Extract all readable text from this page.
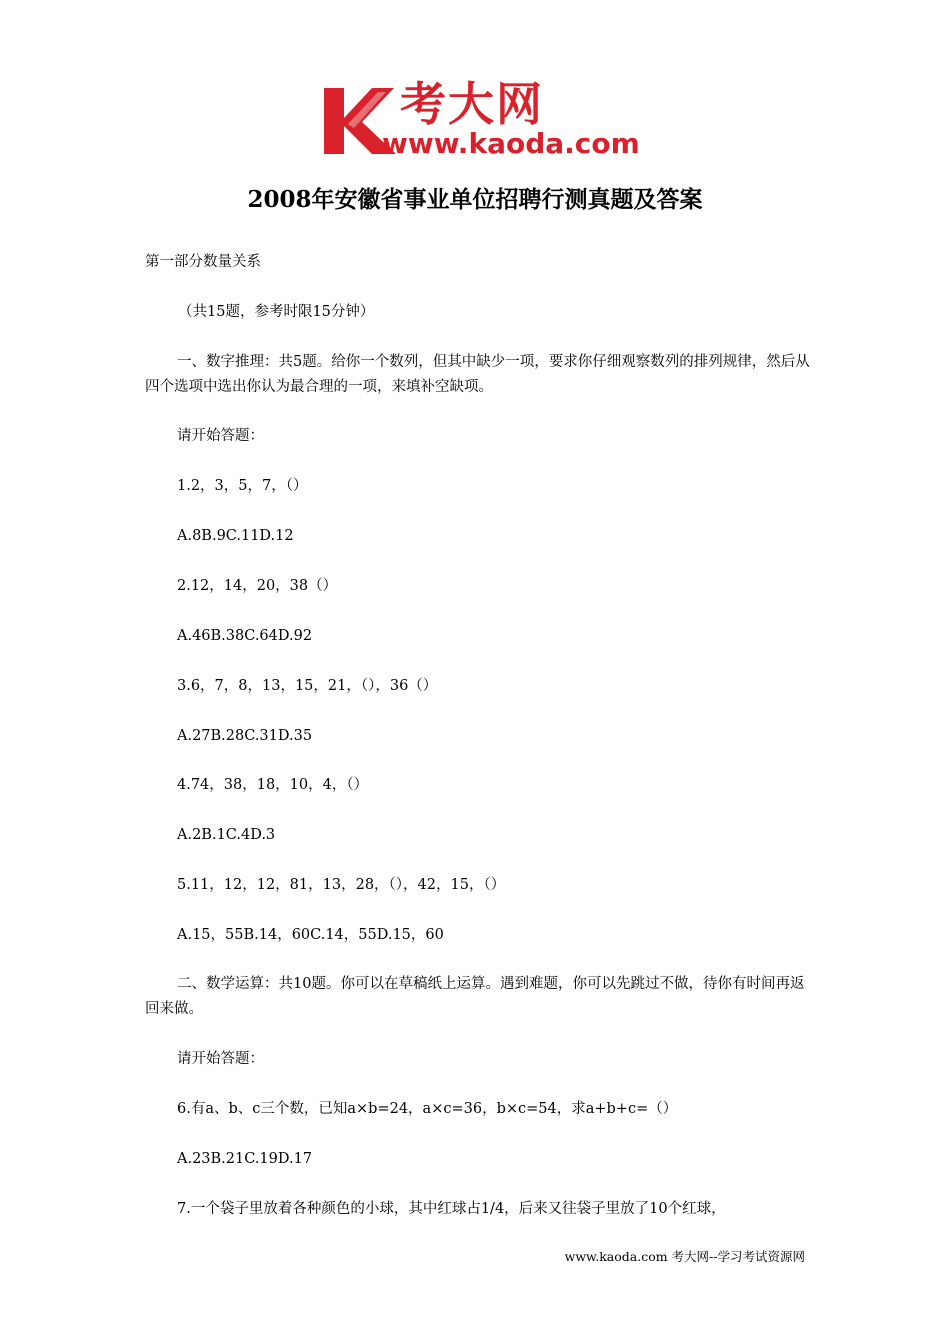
考大网
www.kaoda.com
2008年安徽省事业单位招聘行测真题及答案
第一部分数量关系
（共15题，参考时限15分钟）
一、数字推理：共5题。给你一个数列，但其中缺少一项，要求你仔细观察数列的排列规律，然后从四个选项中选出你认为最合理的一项，来填补空缺项。
请开始答题：
1.2，3，5，7，（）
A.8B.9C.11D.12
2.12，14，20，38（）
A.46B.38C.64D.92
3.6，7，8，13，15，21，（），36（）
A.27B.28C.31D.35
4.74，38，18，10，4，（）
A.2B.1C.4D.3
5.11，12，12，81，13，28，（），42，15，（）
A.15，55B.14，60C.14，55D.15，60
二、数学运算：共10题。你可以在草稿纸上运算。遇到难题，你可以先跳过不做，待你有时间再返回来做。
请开始答题：
6.有a、b、c三个数，已知a×b=24，a×c=36，b×c=54，求a+b+c=（）
A.23B.21C.19D.17
7.一个袋子里放着各种颜色的小球，其中红球占1/4，后来又往袋子里放了10个红球，
www.kaoda.com 考大网--学习考试资源网
